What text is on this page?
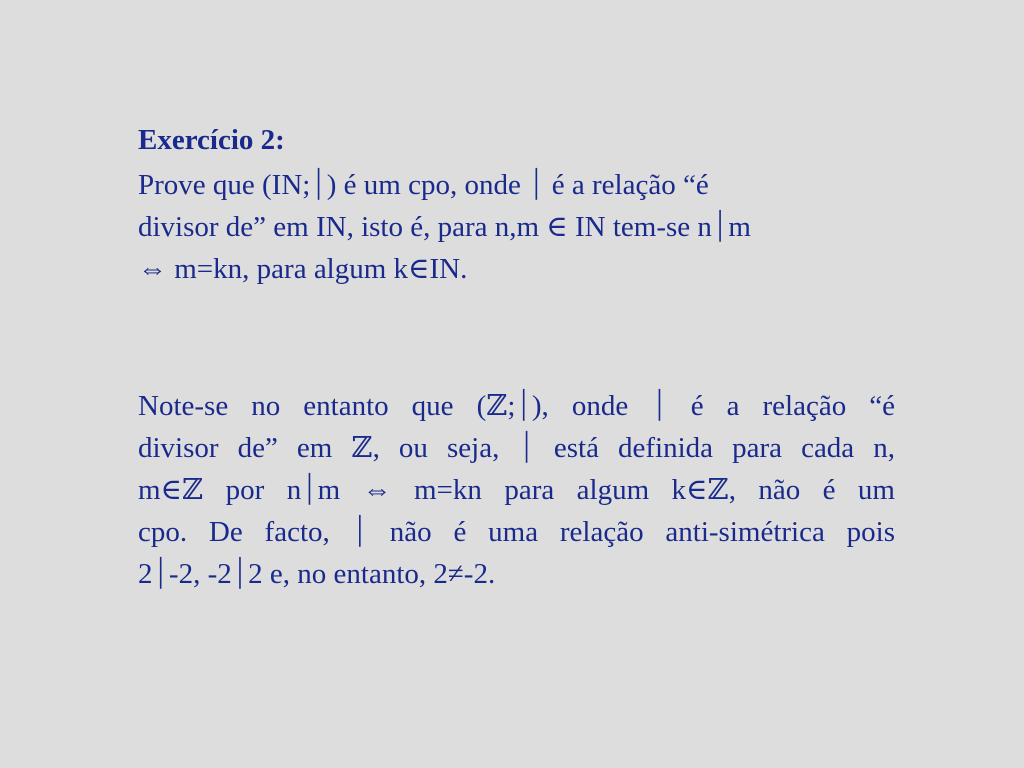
Exercício 2:
Prove que (IN;⏐) é um cpo, onde ⏐ é a relação “é
divisor de” em IN, isto é, para n,m ∈ IN tem-se n⏐m
⇔ m=kn, para algum k∈IN.
Note-se no entanto que (ℤ;⏐), onde ⏐ é a relação “é
divisor de” em ℤ, ou seja, ⏐ está definida para cada n,
m∈ℤ por n⏐m ⇔ m=kn para algum k∈ℤ, não é um
cpo. De facto, ⏐ não é uma relação anti-simétrica pois
2⏐-2, -2⏐2 e, no entanto, 2≠-2.
